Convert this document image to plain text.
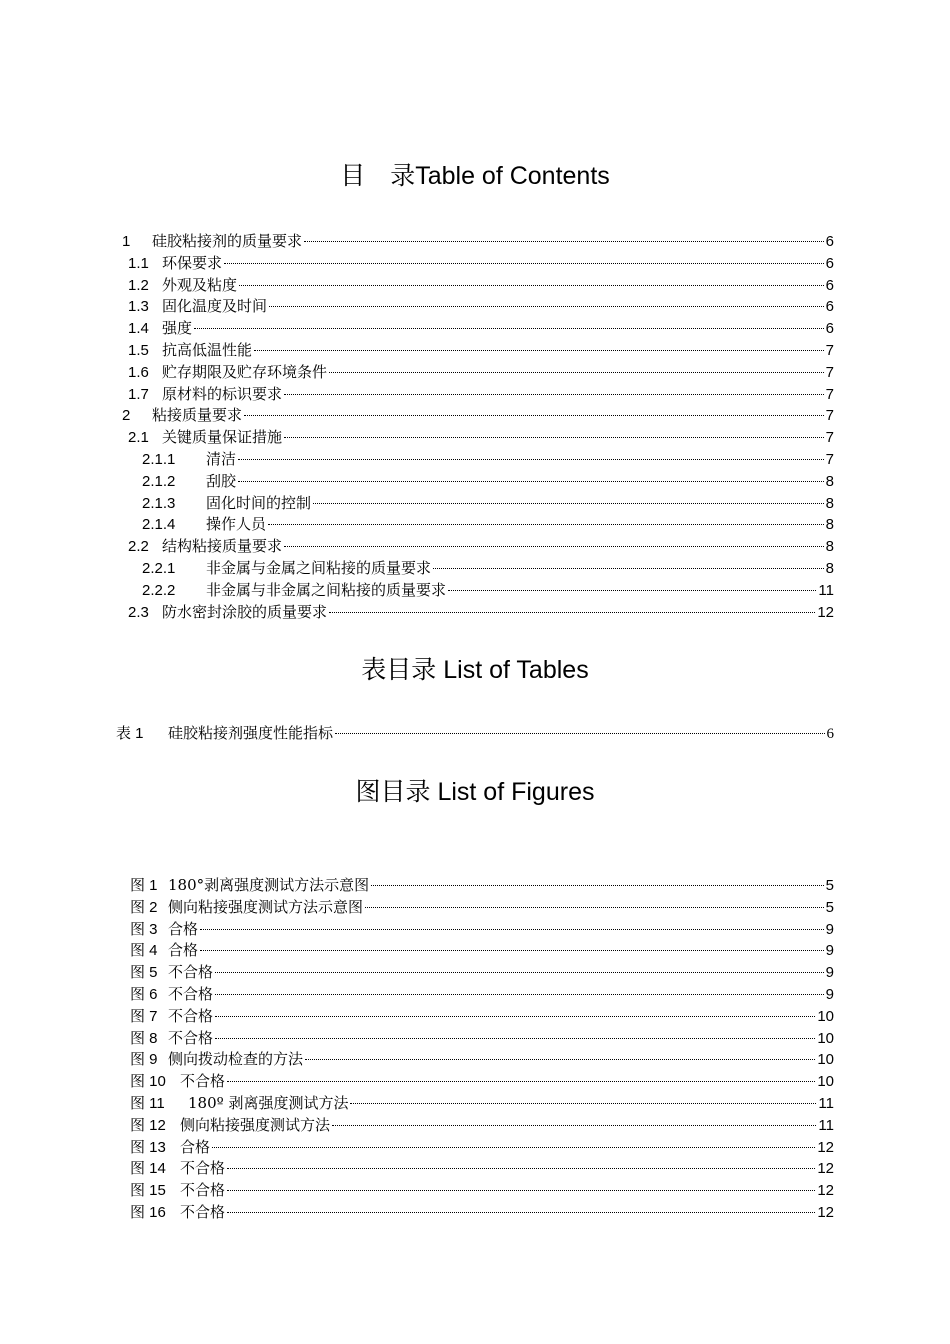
目　录Table of Contents
表目录 List of Tables
图目录 List of Figures
1	硅胶粘接剂的质量要求	6
1.1 环保要求	6
1.2 外观及粘度	6
1.3 固化温度及时间	6
1.4 强度	6
1.5 抗高低温性能	7
1.6 贮存期限及贮存环境条件	7
1.7 原材料的标识要求	7
2	粘接质量要求	7
2.1 关键质量保证措施	7
2.1.1	清洁	7
2.1.2	刮胶	8
2.1.3	固化时间的控制	8
2.1.4	操作人员	8
2.2 结构粘接质量要求	8
2.2.1	非金属与金属之间粘接的质量要求	8
2.2.2	非金属与非金属之间粘接的质量要求	11
2.3 防水密封涂胶的质量要求	12
表 1	硅胶粘接剂强度性能指标	6
图 1 180°剥离强度测试方法示意图	5
图 2 侧向粘接强度测试方法示意图	5
图 3 合格	9
图 4 合格	9
图 5 不合格	9
图 6 不合格	9
图 7 不合格	10
图 8 不合格	10
图 9 侧向拨动检查的方法	10
图 10 不合格	10
图 11	180º 剥离强度测试方法	11
图 12 侧向粘接强度测试方法	11
图 13 合格	12
图 14 不合格	12
图 15 不合格	12
图 16 不合格	12
